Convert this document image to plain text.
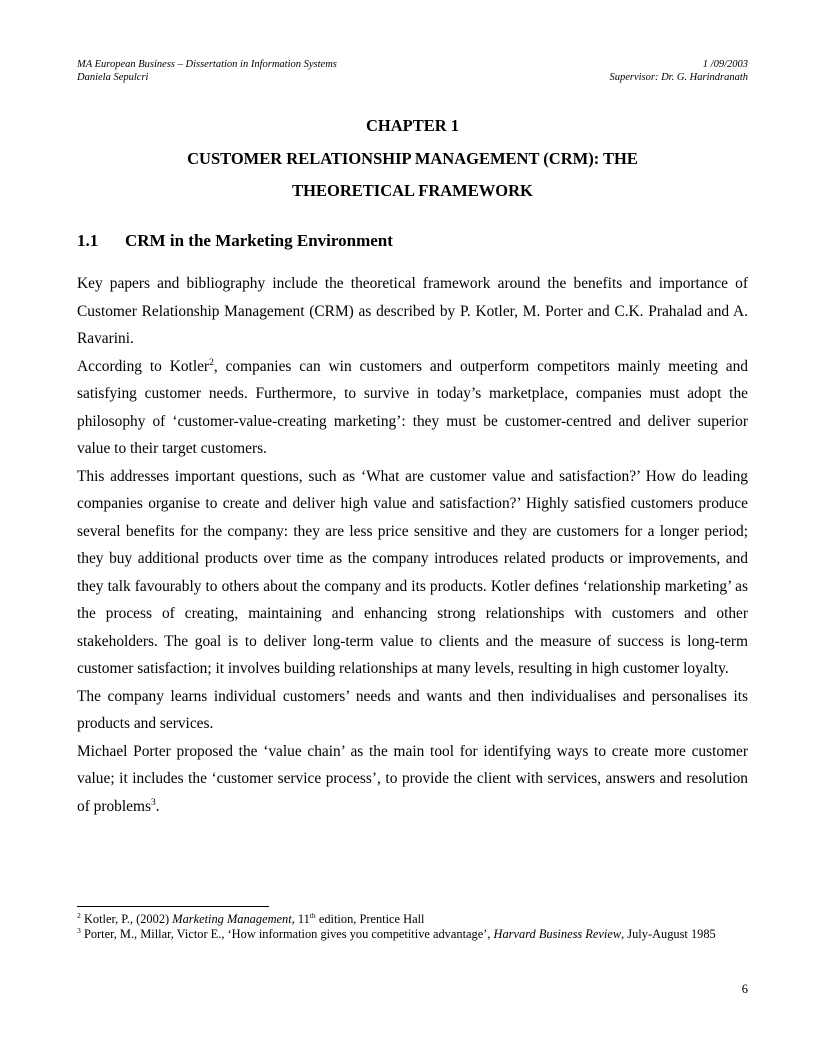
MA European Business – Dissertation in Information Systems	1 /09/2003
Daniela Sepulcri	Supervisor: Dr. G. Harindranath
CHAPTER 1
CUSTOMER RELATIONSHIP MANAGEMENT (CRM): THE
THEORETICAL FRAMEWORK
1.1	CRM in the Marketing Environment

Key papers and bibliography include the theoretical framework around the benefits and importance of Customer Relationship Management (CRM) as described by P. Kotler, M. Porter and C.K. Prahalad and A. Ravarini.

According to Kotler$^2$, companies can win customers and outperform competitors mainly meeting and satisfying customer needs. Furthermore, to survive in today’s marketplace, companies must adopt the philosophy of ‘customer-value-creating marketing’: they must be customer-centred and deliver superior value to their target customers.

This addresses important questions, such as ‘What are customer value and satisfaction?’ How do leading companies organise to create and deliver high value and satisfaction?’ Highly satisfied customers produce several benefits for the company: they are less price sensitive and they are customers for a longer period; they buy additional products over time as the company introduces related products or improvements, and they talk favourably to others about the company and its products. Kotler defines ‘relationship marketing’ as the process of creating, maintaining and enhancing strong relationships with customers and other stakeholders. The goal is to deliver long-term value to clients and the measure of success is long-term customer satisfaction; it involves building relationships at many levels, resulting in high customer loyalty.

The company learns individual customers’ needs and wants and then individualises and personalises its products and services.

Michael Porter proposed the ‘value chain’ as the main tool for identifying ways to create more customer value; it includes the ‘customer service process’, to provide the client with services, answers and resolution of problems$^3$.

$^2$ Kotler, P., (2002) Marketing Management, 11th edition, Prentice Hall

$^3$ Porter, M., Millar, Victor E., ‘How information gives you competitive advantage’, Harvard Business Review, July-August 1985

6
